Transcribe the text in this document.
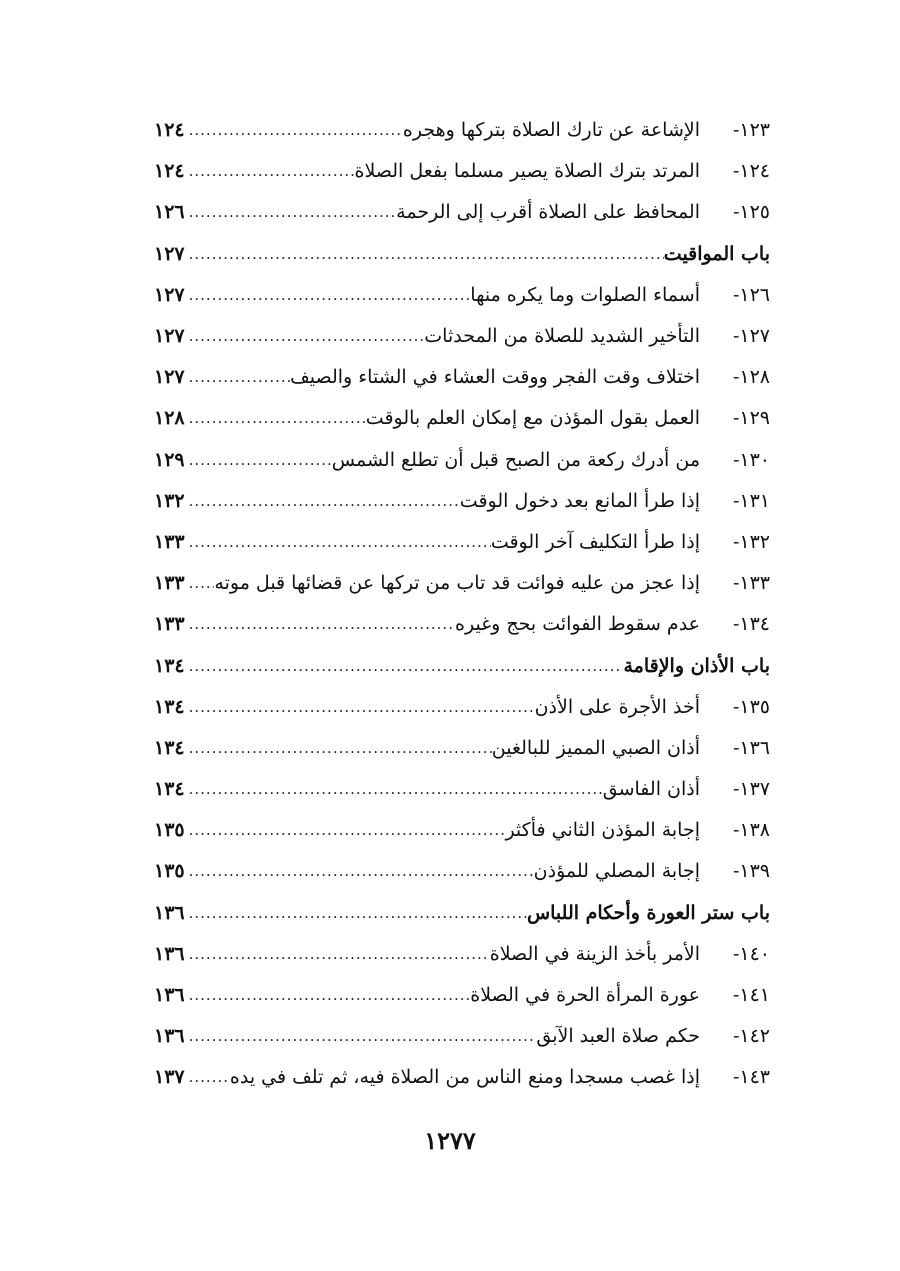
١٢٣-
الإشاعة عن تارك الصلاة بتركها وهجره
.....
١٢٤
١٢٤-
المرتد بترك الصلاة يصير مسلما بفعل الصلاة
.....
١٢٤
١٢٥-
المحافظ على الصلاة أقرب إلى الرحمة
.....
١٢٦
باب المواقيت
.....
١٢٧
١٢٦-
أسماء الصلوات وما يكره منها
.....
١٢٧
١٢٧-
التأخير الشديد للصلاة من المحدثات
.....
١٢٧
١٢٨-
اختلاف وقت الفجر ووقت العشاء في الشتاء والصيف
.....
١٢٧
١٢٩-
العمل بقول المؤذن مع إمكان العلم بالوقت
.....
١٢٨
١٣٠-
من أدرك ركعة من الصبح قبل أن تطلع الشمس
.....
١٢٩
١٣١-
إذا طرأ المانع بعد دخول الوقت
.....
١٣٢
١٣٢-
إذا طرأ التكليف آخر الوقت
.....
١٣٣
١٣٣-
إذا عجز من عليه فوائت قد تاب من تركها عن قضائها قبل موته
.....
١٣٣
١٣٤-
عدم سقوط الفوائت بحج وغيره
.....
١٣٣
باب الأذان والإقامة
.....
١٣٤
١٣٥-
أخذ الأجرة على الأذن
.....
١٣٤
١٣٦-
أذان الصبي المميز للبالغين
.....
١٣٤
١٣٧-
أذان الفاسق
.....
١٣٤
١٣٨-
إجابة المؤذن الثاني فأكثر
.....
١٣٥
١٣٩-
إجابة المصلي للمؤذن
.....
١٣٥
باب ستر العورة وأحكام اللباس
.....
١٣٦
١٤٠-
الأمر بأخذ الزينة في الصلاة
.....
١٣٦
١٤١-
عورة المرأة الحرة في الصلاة
.....
١٣٦
١٤٢-
حكم صلاة العبد الآبق
.....
١٣٦
١٤٣-
إذا غصب مسجدا ومنع الناس من الصلاة فيه، ثم تلف في يده
.....
١٣٧
١٢٧٧
